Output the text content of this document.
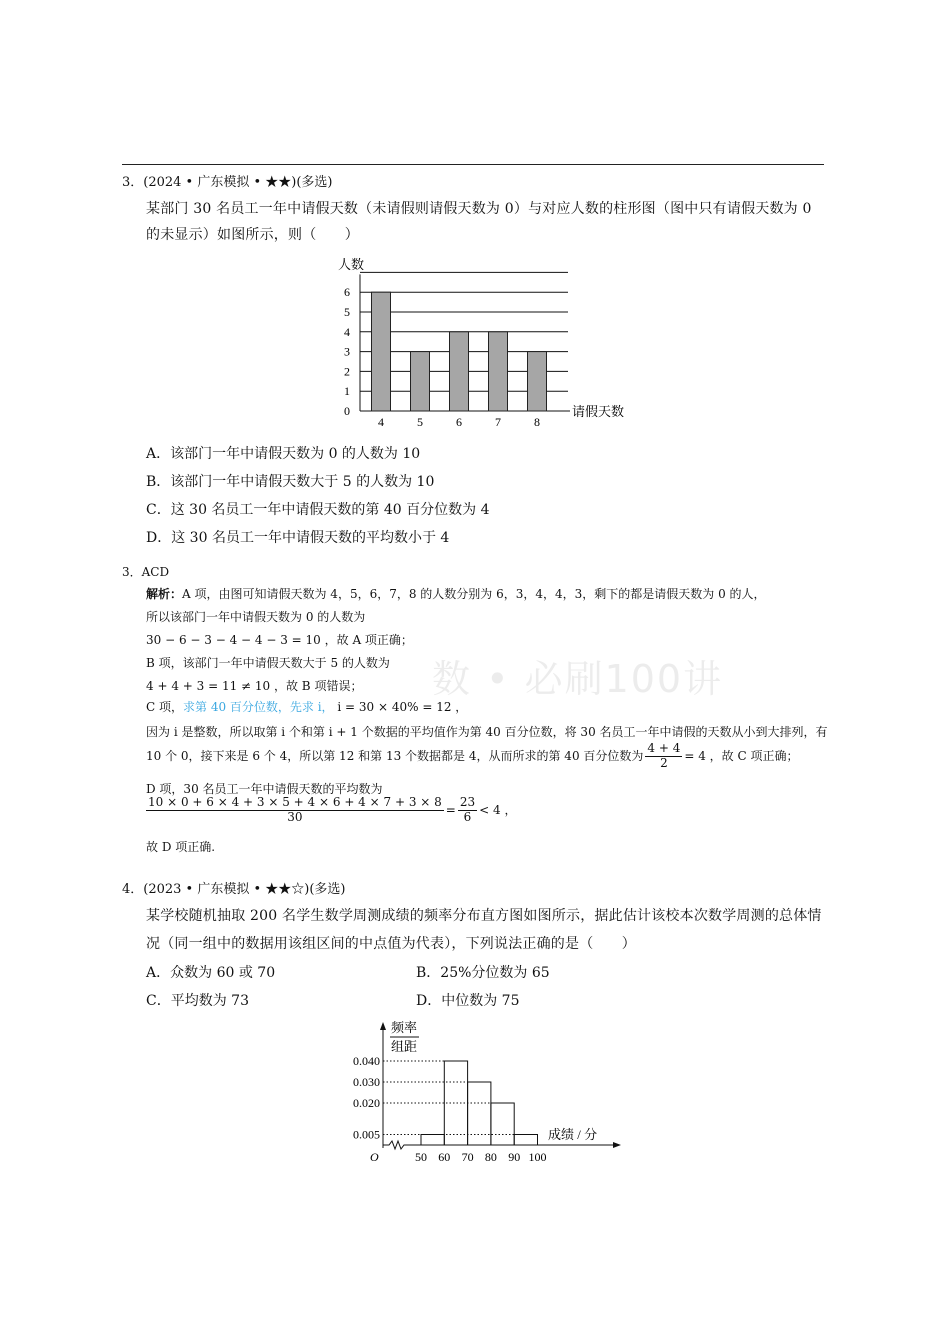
3．(2024 • 广东模拟 • ★★)(多选)
某部门 30 名员工一年中请假天数（未请假则请假天数为 0）与对应人数的柱形图（图中只有请假天数为 0
的未显示）如图所示，则（　　）
0
1
2
3
4
5
6
4	5	6	7	8
人数
请假天数
A．该部门一年中请假天数为 0 的人数为 10
B．该部门一年中请假天数大于 5 的人数为 10
C．这 30 名员工一年中请假天数的第 40 百分位数为 4
D．这 30 名员工一年中请假天数的平均数小于 4
数 • 必刷100讲
3．ACD
解析：A 项，由图可知请假天数为 4，5，6，7，8 的人数分别为 6，3，4，4，3，剩下的都是请假天数为 0 的人，
所以该部门一年中请假天数为 0 的人数为
30 − 6 − 3 − 4 − 4 − 3 = 10 ，故 A 项正确；
B 项，该部门一年中请假天数大于 5 的人数为
4 + 4 + 3 = 11 ≠ 10 ，故 B 项错误；
C 项，求第 40 百分位数，先求 i， i = 30 × 40% = 12 ，
因为 i 是整数，所以取第 i 个和第 i + 1 个数据的平均值作为第 40 百分位数，将 30 名员工一年中请假的天数从小到大排列，有
10 个 0，接下来是 6 个 4，所以第 12 和第 13 个数据都是 4，从而所求的第 40 百分位数为 $\frac{4 + 4}{2} = 4$ ，故 C 项正确；
D 项，30 名员工一年中请假天数的平均数为
$\frac{10 \times 0 + 6 \times 4 + 3 \times 5 + 4 \times 6 + 4 \times 7 + 3 \times 8}{30} = \frac{23}{6} < 4$ ，
故 D 项正确.
4．(2023 • 广东模拟 • ★★☆)(多选)
某学校随机抽取 200 名学生数学周测成绩的频率分布直方图如图所示，据此估计该校本次数学周测的总体情
况（同一组中的数据用该组区间的中点值为代表），下列说法正确的是（　　）
A．众数为 60 或 70	B．25%分位数为 65
C．平均数为 73	D．中位数为 75
0.005
0.020
0.030
0.040
50 60 70 80 90 100
O
频率
组距
成绩 / 分
